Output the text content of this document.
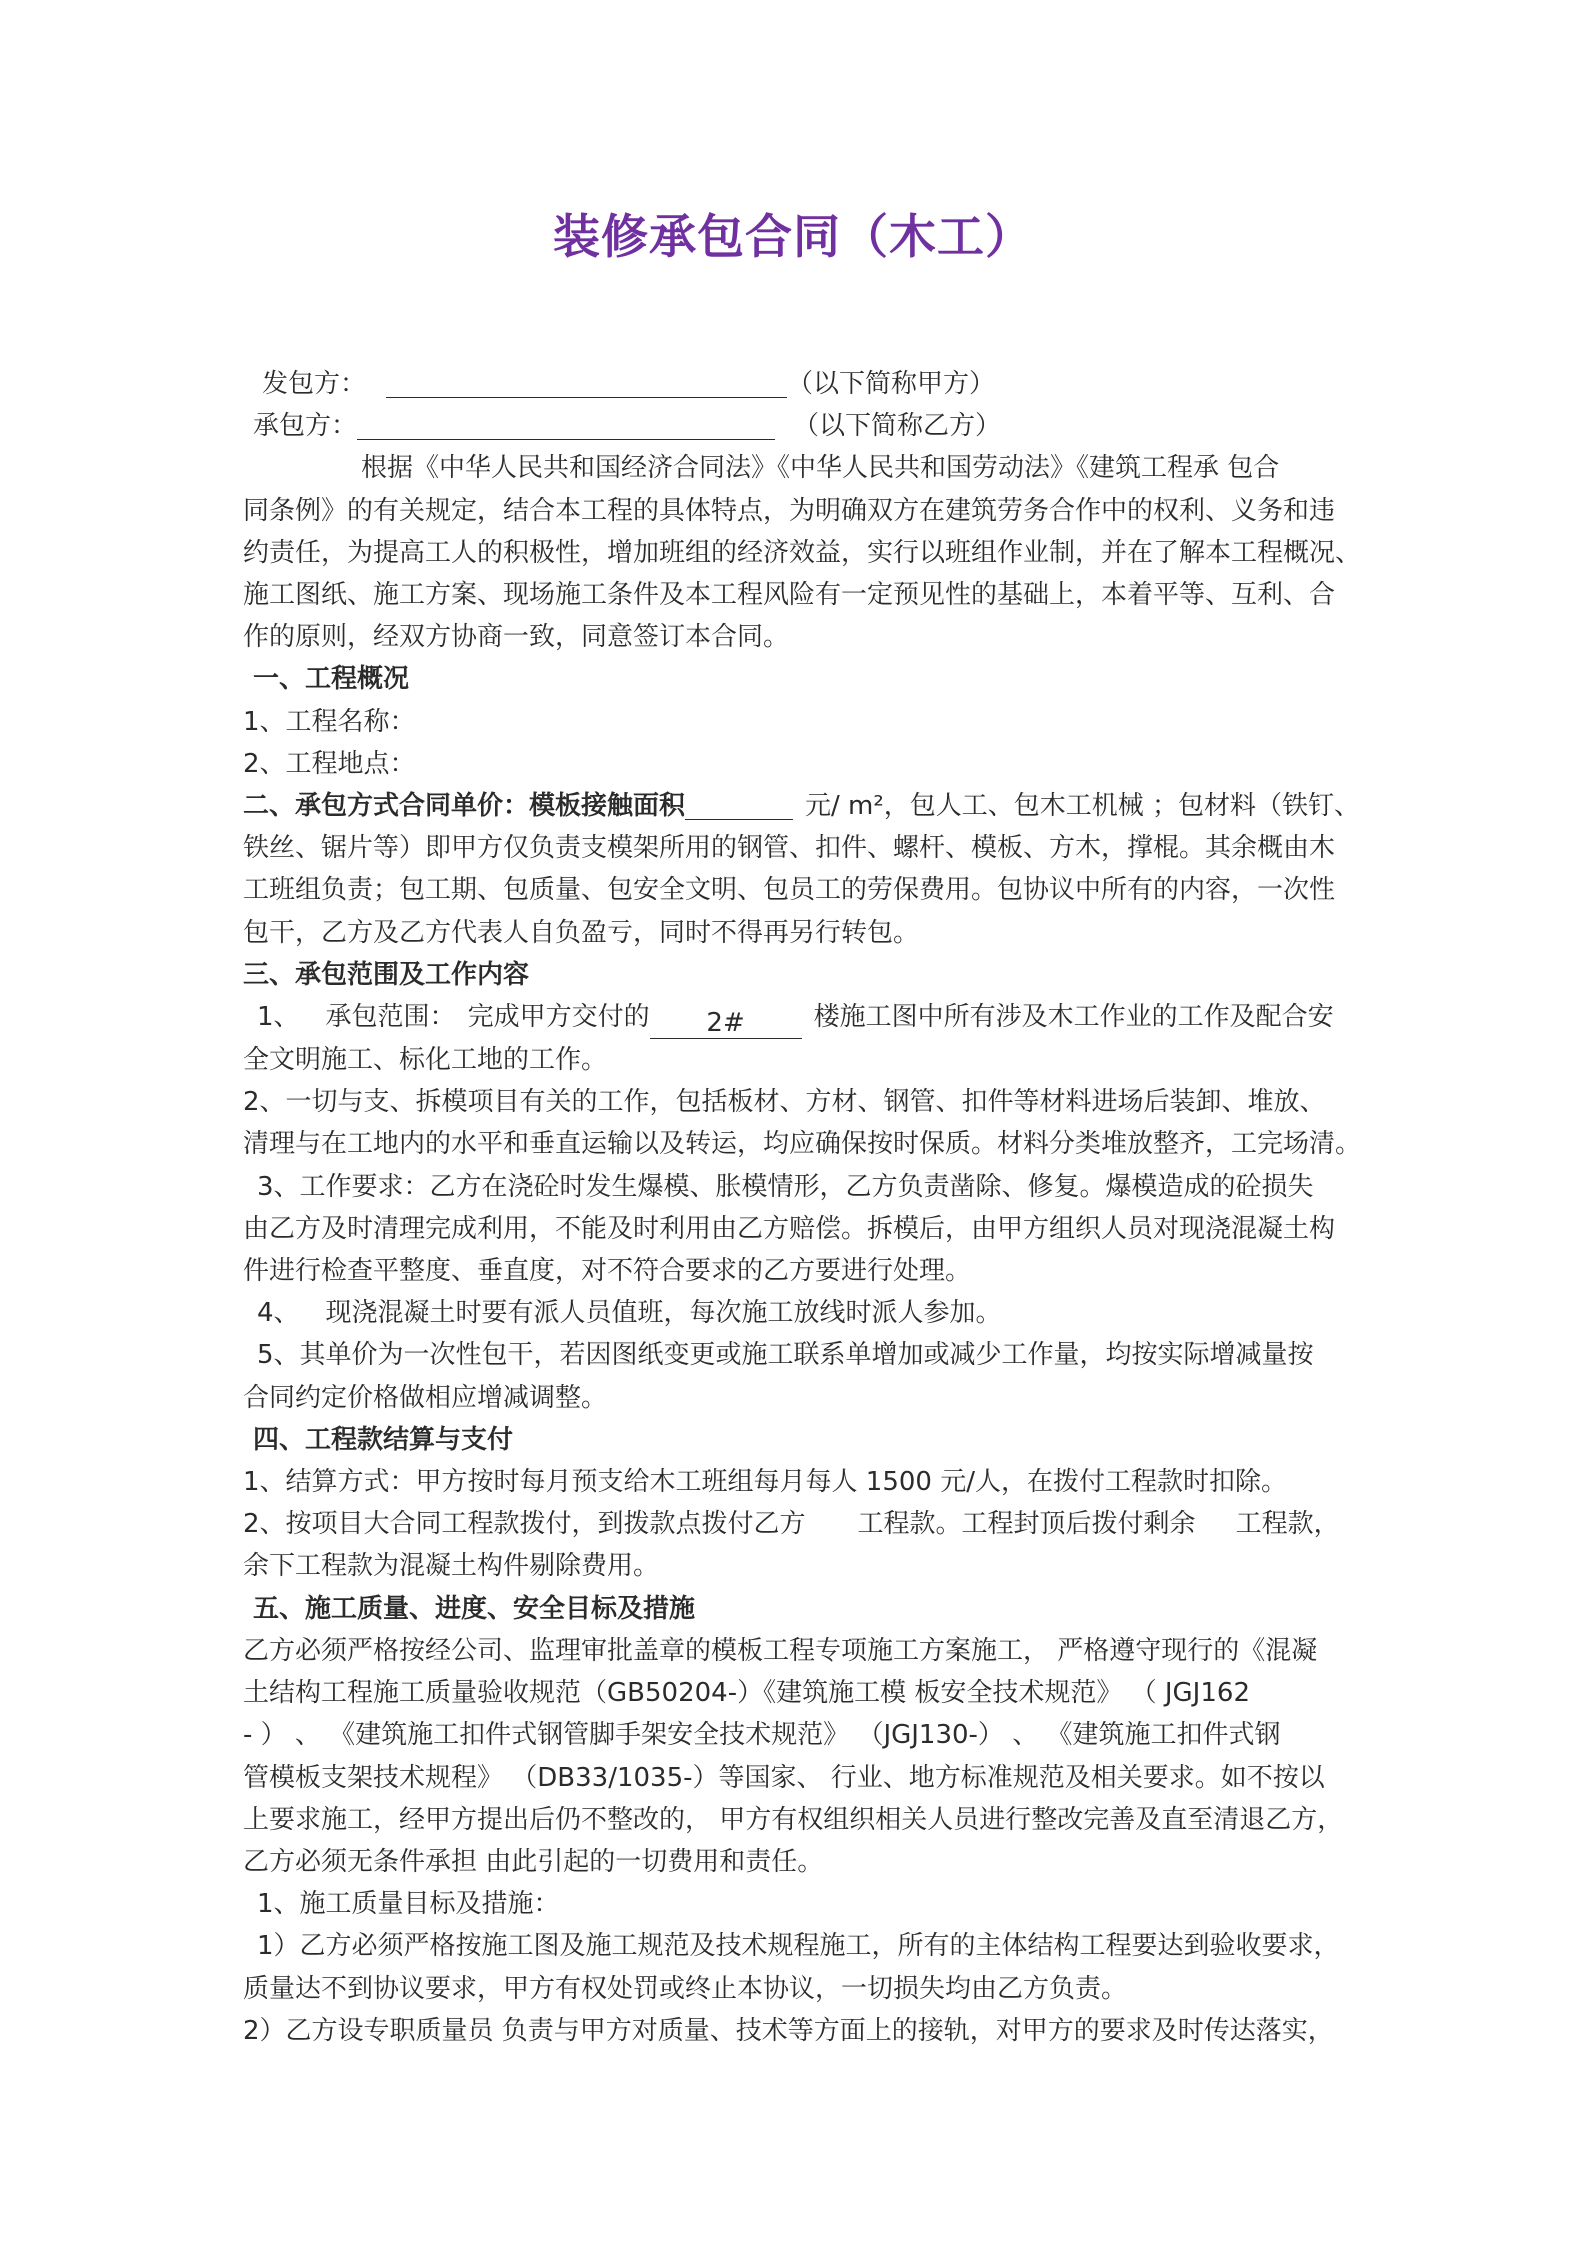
装修承包合同（木工）
发包方：	（以下简称甲方）
承包方：	（以下简称乙方）
根据《中华人民共和国经济合同法》《中华人民共和国劳动法》《建筑工程承 包合
同条例》的有关规定，结合本工程的具体特点，为明确双方在建筑劳务合作中的权利、义务和违
约责任，为提高工人的积极性，增加班组的经济效益，实行以班组作业制，并在了解本工程概况、
施工图纸、施工方案、现场施工条件及本工程风险有一定预见性的基础上，本着平等、互利、合
作的原则，经双方协商一致，同意签订本合同。
一、工程概况
1、工程名称：
2、工程地点：
二、承包方式合同单价：模板接触面积	元/ m²，包人工、包木工机械 ；包材料（铁钉、
铁丝、锯片等）即甲方仅负责支模架所用的钢管、扣件、螺杆、模板、方木，撑棍。其余概由木
工班组负责；包工期、包质量、包安全文明、包员工的劳保费用。包协议中所有的内容，一次性
包干，乙方及乙方代表人自负盈亏，同时不得再另行转包。
三、承包范围及工作内容
1、 承包范围： 完成甲方交付的 2#	楼施工图中所有涉及木工作业的工作及配合安
全文明施工、标化工地的工作。
2、一切与支、拆模项目有关的工作，包括板材、方材、钢管、扣件等材料进场后装卸、堆放、
清理与在工地内的水平和垂直运输以及转运，均应确保按时保质。材料分类堆放整齐，工完场清。
3、工作要求：乙方在浇砼时发生爆模、胀模情形，乙方负责凿除、修复。爆模造成的砼损失
由乙方及时清理完成利用，不能及时利用由乙方赔偿。拆模后，由甲方组织人员对现浇混凝土构
件进行检查平整度、垂直度，对不符合要求的乙方要进行处理。
4、 现浇混凝土时要有派人员值班，每次施工放线时派人参加。
5、其单价为一次性包干，若因图纸变更或施工联系单增加或减少工作量，均按实际增减量按
合同约定价格做相应增减调整。
四、工程款结算与支付
1、结算方式：甲方按时每月预支给木工班组每月每人 1500 元/人，在拨付工程款时扣除。
2、按项目大合同工程款拨付，到拨款点拨付乙方 工程款。工程封顶后拨付剩余 工程款，
余下工程款为混凝土构件剔除费用。
五、施工质量、进度、安全目标及措施
乙方必须严格按经公司、监理审批盖章的模板工程专项施工方案施工， 严格遵守现行的《混凝
土结构工程施工质量验收规范（GB50204-）《建筑施工模 板安全技术规范》 （ JGJ162
- ） 、 《建筑施工扣件式钢管脚手架安全技术规范》 （JGJ130-） 、 《建筑施工扣件式钢
管模板支架技术规程》 （DB33/1035-）等国家、 行业、地方标准规范及相关要求。如不按以
上要求施工，经甲方提出后仍不整改的， 甲方有权组织相关人员进行整改完善及直至清退乙方，
乙方必须无条件承担 由此引起的一切费用和责任。
1、施工质量目标及措施：
1）乙方必须严格按施工图及施工规范及技术规程施工，所有的主体结构工程要达到验收要求，
质量达不到协议要求，甲方有权处罚或终止本协议，一切损失均由乙方负责。
2）乙方设专职质量员 负责与甲方对质量、技术等方面上的接轨，对甲方的要求及时传达落实，
